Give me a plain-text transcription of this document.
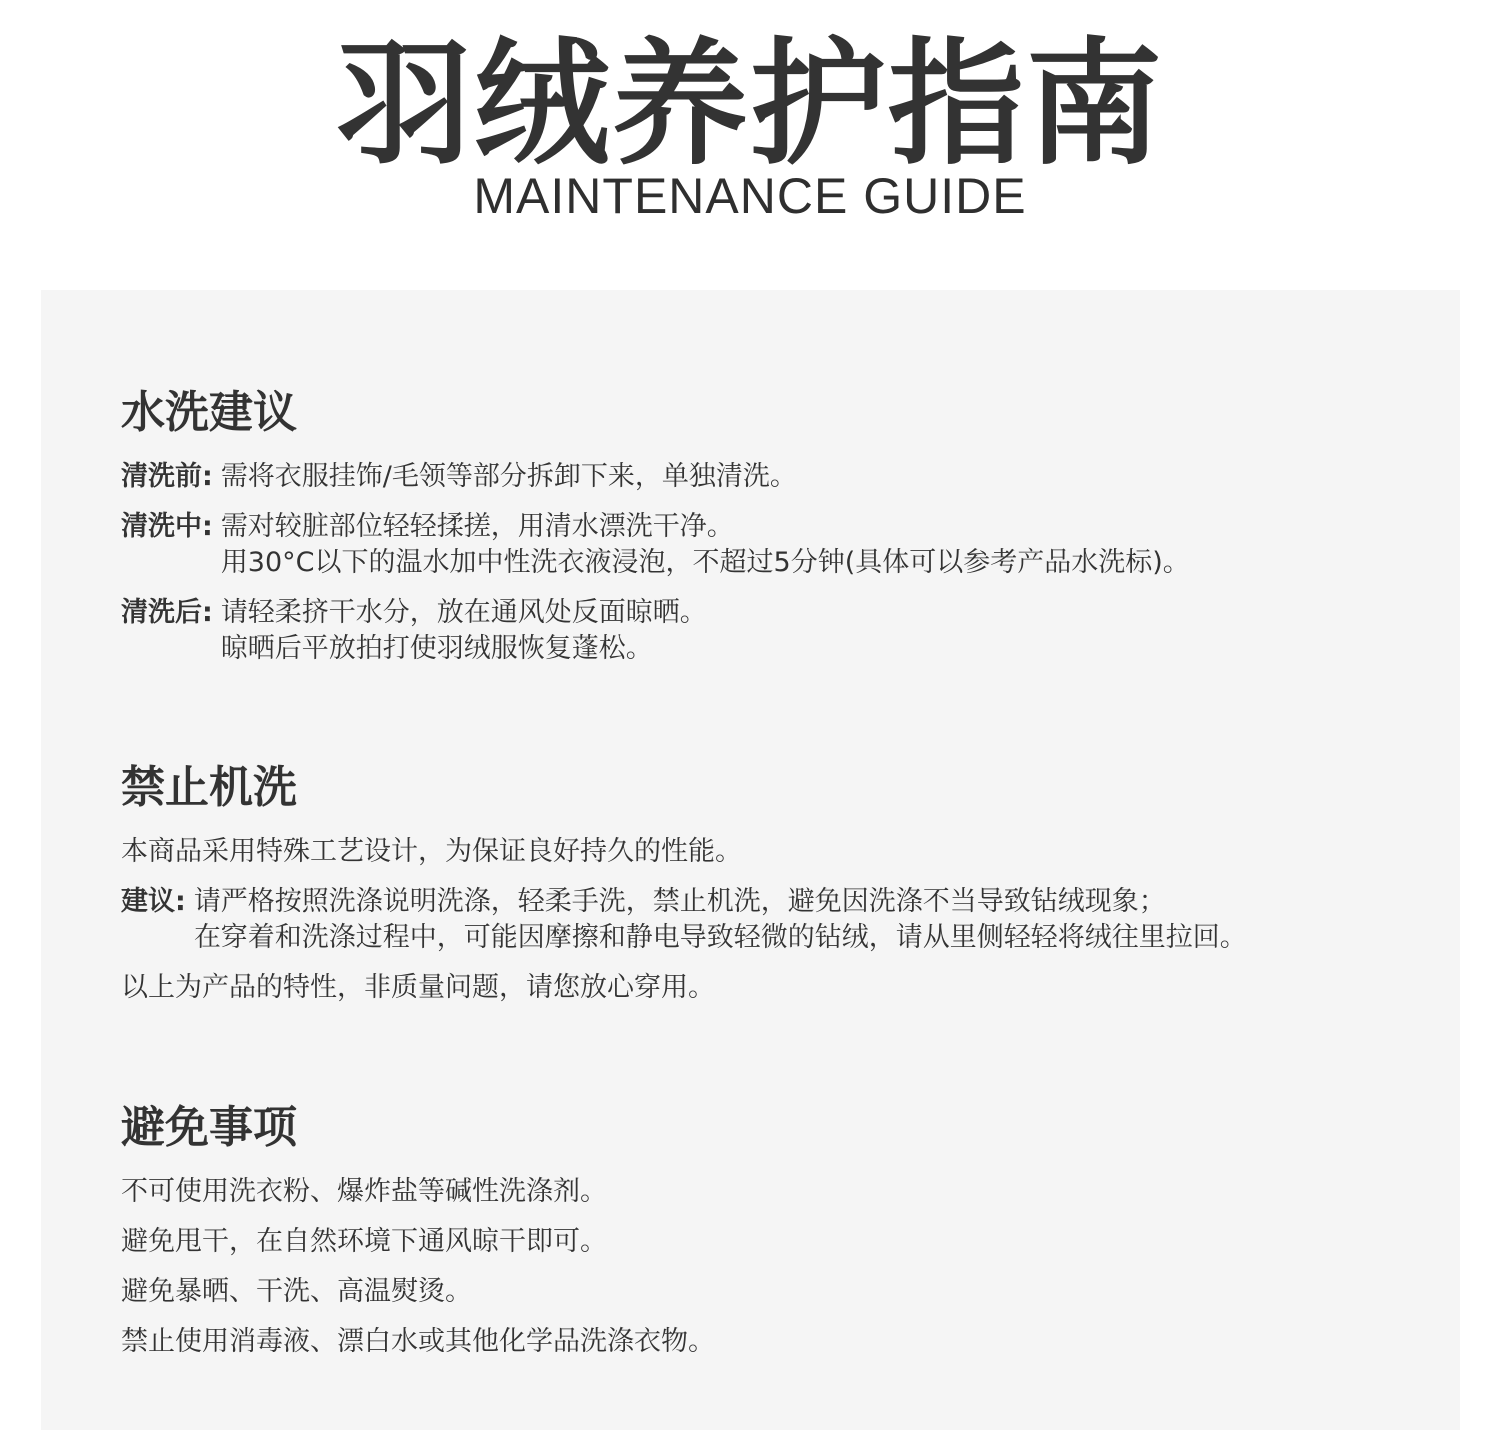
羽绒养护指南
MAINTENANCE GUIDE
水洗建议
清洗前: 需将衣服挂饰/毛领等部分拆卸下来，单独清洗。
清洗中: 需对较脏部位轻轻揉搓，用清水漂洗干净。
用30°C以下的温水加中性洗衣液浸泡，不超过5分钟(具体可以参考产品水洗标)。
清洗后: 请轻柔挤干水分，放在通风处反面晾晒。
晾晒后平放拍打使羽绒服恢复蓬松。
禁止机洗
本商品采用特殊工艺设计，为保证良好持久的性能。
建议: 请严格按照洗涤说明洗涤，轻柔手洗，禁止机洗，避免因洗涤不当导致钻绒现象；
在穿着和洗涤过程中，可能因摩擦和静电导致轻微的钻绒，请从里侧轻轻将绒往里拉回。
以上为产品的特性，非质量问题，请您放心穿用。
避免事项
不可使用洗衣粉、爆炸盐等碱性洗涤剂。
避免甩干，在自然环境下通风晾干即可。
避免暴晒、干洗、高温熨烫。
禁止使用消毒液、漂白水或其他化学品洗涤衣物。
